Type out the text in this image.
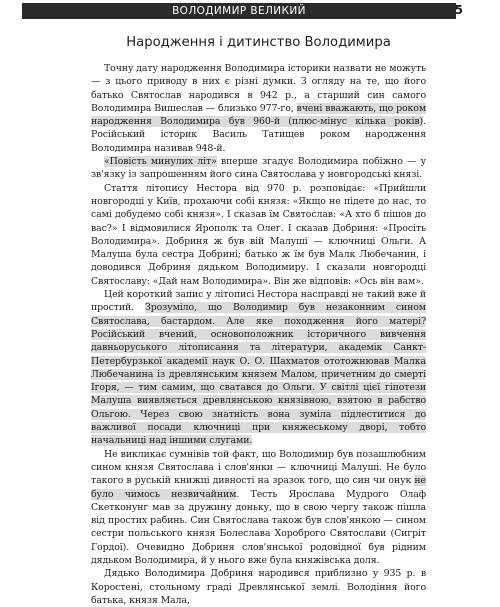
ВОЛОДИМИР ВЕЛИКИЙ	5
Народження і дитинство Володимира

Точну дату народження Володимира історики назвати не можуть — з цього приводу в них є різні думки. З огляду на те, що його батько Святослав народився в 942 р., а старший син самого Володимира Вишеслав — близько 977-го, вчені вважають, що роком народження Володимира був 960-й (плюс-мінус кілька років). Російський історик Василь Татищев роком народження Володимира називав 948-й.

«Повість минулих літ» вперше згадує Володимира побіжно — у зв'язку із запрошенням його сина Святослава у новгородські князі.

Стаття літопису Нестора від 970 р. розповідає: «Прийшли новгородці у Київ, прохаючи собі князя: «Якщо не підете до нас, то самі добудемо собі князя». І сказав їм Святослав: «А хто б пішов до вас?» І відмовилися Ярополк та Олег. І сказав Добриня: «Просіть Володимира». Добриня ж був вій Малуші — ключниці Ольги. А Малуша була сестра Добрині; батько ж їм був Малк Любечанин, і доводився Добриня дядьком Володимиру. І сказали новгородці Святославу: «Дай нам Володимира». Він же відповів: «Ось він вам».

Цей короткий запис у літописі Нестора насправді не такий вже й простий. Зрозуміло, що Володимир був незаконним сином Святослава, бастардом. Але яке походження його матері? Російський вчений, основоположник історичного вивчення давньоруського літописання та літератури, академік Санкт-Петербурзької академії наук О. О. Шахматов ототожнював Малка Любечанина із древлянським князем Малом, причетним до смерті Ігоря, — тим самим, що сватався до Ольги. У світлі цієї гіпотези Малуша виявляється древлянською князівною, взятою в рабство Ольгою. Через свою знатність вона зуміла підлеститися до важливої посади ключниці при княжеському дворі, тобто начальниці над іншими слугами.

Не викликає сумнівів той факт, що Володимир був позашлюбним сином князя Святослава і слов'янки — ключниці Малуші. Не було такого в руській книжці дивності на зразок того, що син чи онук не було чимось незвичайним. Тесть Ярослава Мудрого Олаф Скетконунг мав за дружину доньку, що в свою чергу також пішла від простих рабинь. Син Святослава також був слов'янкою — сином сестри польського князя Болеслава Хороброго Святослави (Сигріт Гордої). Очевидно Добриня слов'янської родовідної був рідним дядьком Володимира, й у нього вже була княжівська доля.

Дядько Володимира Добриня народився приблизно у 935 р. в Коростені, стольному граді Древлянської землі. Володіння його батька, князя Мала,
